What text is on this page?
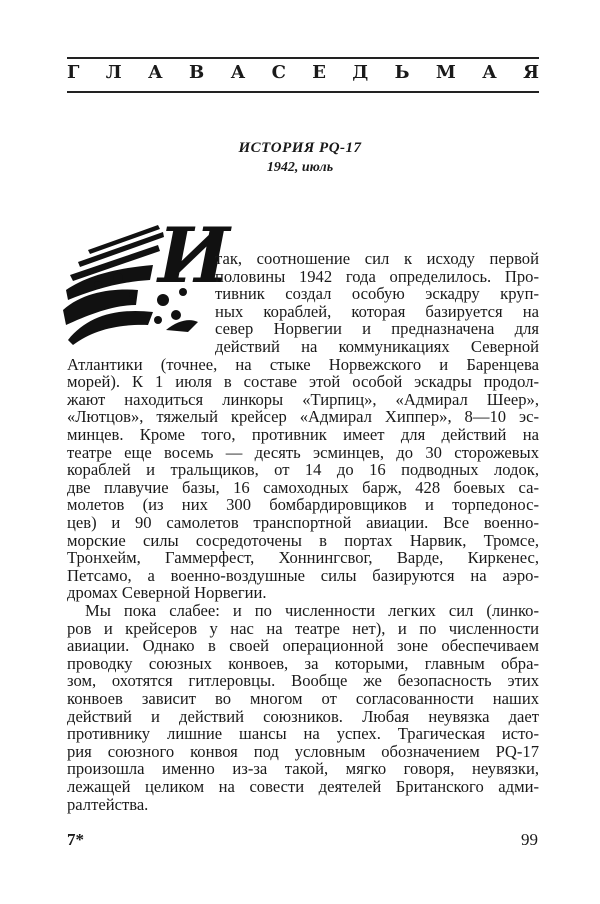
Г Л А В А С Е Д Ь М А Я
ИСТОРИЯ PQ-17
1942, июль
И
7*	99
так, соотношение сил к исходу первой
половины 1942 года определилось. Про-
тивник создал особую эскадру круп-
ных кораблей, которая базируется на
север Норвегии и предназначена для
действий на коммуникациях Северной
Атлантики (точнее, на стыке Норвежского и Баренцева
морей). К 1 июля в составе этой особой эскадры продол-
жают находиться линкоры «Тирпиц», «Адмирал Шеер»,
«Лютцов», тяжелый крейсер «Адмирал Хиппер», 8—10 эс-
минцев. Кроме того, противник имеет для действий на
театре еще восемь — десять эсминцев, до 30 сторожевых
кораблей и тральщиков, от 14 до 16 подводных лодок,
две плавучие базы, 16 самоходных барж, 428 боевых са-
молетов (из них 300 бомбардировщиков и торпедонос-
цев) и 90 самолетов транспортной авиации. Все военно-
морские силы сосредоточены в портах Нарвик, Тромсе,
Тронхейм, Гаммерфест, Хоннингсвог, Варде, Киркенес,
Петсамо, а военно-воздушные силы базируются на аэро-
дромах Северной Норвегии.
Мы пока слабее: и по численности легких сил (линко-
ров и крейсеров у нас на театре нет), и по численности
авиации. Однако в своей операционной зоне обеспечиваем
проводку союзных конвоев, за которыми, главным обра-
зом, охотятся гитлеровцы. Вообще же безопасность этих
конвоев зависит во многом от согласованности наших
действий и действий союзников. Любая неувязка дает
противнику лишние шансы на успех. Трагическая исто-
рия союзного конвоя под условным обозначением PQ-17
произошла именно из-за такой, мягко говоря, неувязки,
лежащей целиком на совести деятелей Британского адми-
ралтейства.
